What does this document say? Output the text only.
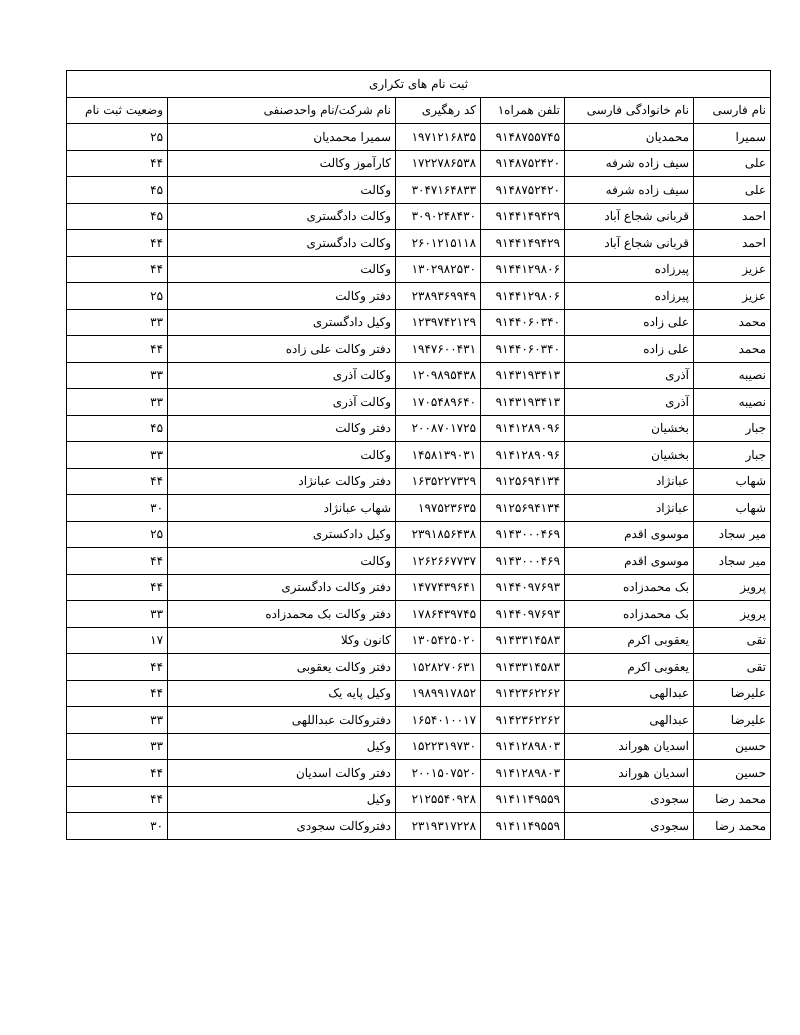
ثبت نام های تکراری					
نام فارسی	نام خانوادگی فارسی	تلفن همراه۱	کد رهگیری	نام شرکت/نام واحدصنفی	وضعیت ثبت نام
سمیرا	محمدیان	۹۱۴۸۷۵۵۷۴۵	۱۹۷۱۲۱۶۸۳۵	سمیرا محمدیان	۲۵
علی	سیف زاده شرفه	۹۱۴۸۷۵۲۴۲۰	۱۷۲۲۷۸۶۵۳۸	کارآموز وکالت	۴۴
علی	سیف زاده شرفه	۹۱۴۸۷۵۲۴۲۰	۳۰۴۷۱۶۴۸۳۳	وکالت	۴۵
احمد	قربانی شجاع آباد	۹۱۴۴۱۴۹۴۲۹	۳۰۹۰۲۴۸۴۳۰	وکالت دادگستری	۴۵
احمد	قربانی شجاع آباد	۹۱۴۴۱۴۹۴۲۹	۲۶۰۱۲۱۵۱۱۸	وکالت دادگستری	۴۴
عزیز	پیرزاده	۹۱۴۴۱۲۹۸۰۶	۱۳۰۲۹۸۲۵۳۰	وکالت	۴۴
عزیز	پیرزاده	۹۱۴۴۱۲۹۸۰۶	۲۳۸۹۳۶۹۹۴۹	دفتر وکالت	۲۵
محمد	علی زاده	۹۱۴۴۰۶۰۳۴۰	۱۲۳۹۷۴۲۱۲۹	وکیل دادگستری	۳۳
محمد	علی زاده	۹۱۴۴۰۶۰۳۴۰	۱۹۴۷۶۰۰۴۳۱	دفتر وکالت علی زاده	۴۴
نصیبه	آذری	۹۱۴۳۱۹۳۴۱۳	۱۲۰۹۸۹۵۴۳۸	وکالت آذری	۳۳
نصیبه	آذری	۹۱۴۳۱۹۳۴۱۳	۱۷۰۵۴۸۹۶۴۰	وکالت آذری	۳۳
جبار	بخشیان	۹۱۴۱۲۸۹۰۹۶	۲۰۰۸۷۰۱۷۲۵	دفتر وکالت	۴۵
جبار	بخشیان	۹۱۴۱۲۸۹۰۹۶	۱۴۵۸۱۳۹۰۳۱	وکالت	۳۳
شهاب	عبانژاد	۹۱۲۵۶۹۴۱۳۴	۱۶۳۵۲۲۷۳۲۹	دفتر وکالت عبانژاد	۴۴
شهاب	عبانژاد	۹۱۲۵۶۹۴۱۳۴	۱۹۷۵۲۳۶۳۵	شهاب عبانژاد	۳۰
میر سجاد	موسوی اقدم	۹۱۴۳۰۰۰۴۶۹	۲۳۹۱۸۵۶۴۳۸	وکیل دادکستری	۲۵
میر سجاد	موسوی اقدم	۹۱۴۳۰۰۰۴۶۹	۱۲۶۲۶۶۷۷۳۷	وکالت	۴۴
پرویز	بک محمدزاده	۹۱۴۴۰۹۷۶۹۳	۱۴۷۷۴۳۹۶۴۱	دفتر وکالت دادگستری	۴۴
پرویز	بک محمدزاده	۹۱۴۴۰۹۷۶۹۳	۱۷۸۶۴۳۹۷۴۵	دفتر وکالت بک محمدزاده	۳۳
تقی	یعقوبی اکرم	۹۱۴۳۳۱۴۵۸۳	۱۳۰۵۴۲۵۰۲۰	کانون وکلا	۱۷
تقی	یعقوبی اکرم	۹۱۴۳۳۱۴۵۸۳	۱۵۲۸۲۷۰۶۳۱	دفتر وکالت یعقوبی	۴۴
علیرضا	عبدالهی	۹۱۴۲۳۶۲۲۶۲	۱۹۸۹۹۱۷۸۵۲	وکیل پایه یک	۴۴
علیرضا	عبدالهی	۹۱۴۲۳۶۲۲۶۲	۱۶۵۴۰۱۰۰۱۷	دفتروکالت عبداللهی	۳۳
حسین	اسدیان هوراند	۹۱۴۱۲۸۹۸۰۳	۱۵۲۲۳۱۹۷۳۰	وکیل	۳۳
حسین	اسدیان هوراند	۹۱۴۱۲۸۹۸۰۳	۲۰۰۱۵۰۷۵۲۰	دفتر وکالت اسدیان	۴۴
محمد رضا	سجودی	۹۱۴۱۱۴۹۵۵۹	۲۱۲۵۵۴۰۹۲۸	وکیل	۴۴
محمد رضا	سجودی	۹۱۴۱۱۴۹۵۵۹	۲۳۱۹۳۱۷۲۲۸	دفتروکالت سجودی	۳۰
